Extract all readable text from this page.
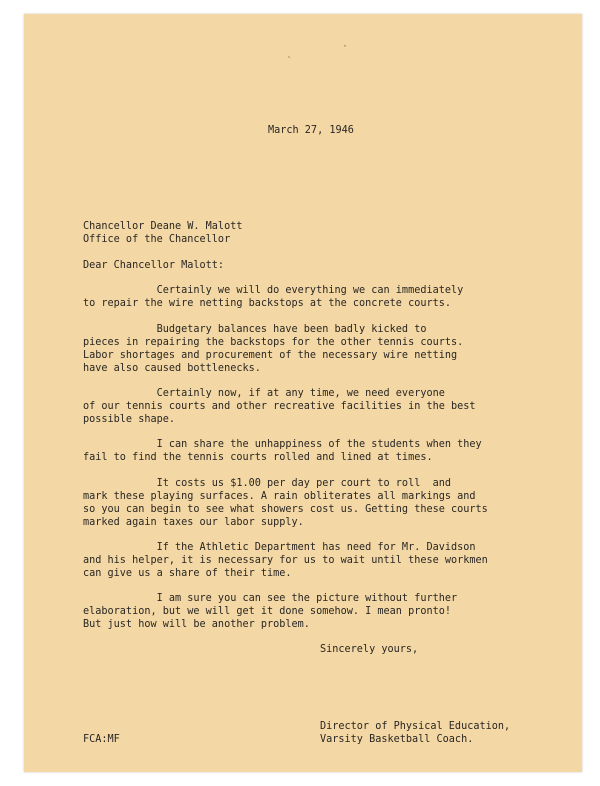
ˎ
·
March 27, 1946
Chancellor Deane W. Malott
Office of the Chancellor
Dear Chancellor Malott:
Certainly we will do everything we can immediately
to repair the wire netting backstops at the concrete courts.
Budgetary balances have been badly kicked to
pieces in repairing the backstops for the other tennis courts.
Labor shortages and procurement of the necessary wire netting
have also caused bottlenecks.
Certainly now, if at any time, we need everyone
of our tennis courts and other recreative facilities in the best
possible shape.
I can share the unhappiness of the students when they
fail to find the tennis courts rolled and lined at times.
It costs us $1.00 per day per court to roll  and
mark these playing surfaces. A rain obliterates all markings and
so you can begin to see what showers cost us. Getting these courts
marked again taxes our labor supply.
If the Athletic Department has need for Mr. Davidson
and his helper, it is necessary for us to wait until these workmen
can give us a share of their time.
I am sure you can see the picture without further
elaboration, but we will get it done somehow. I mean pronto!
But just how will be another problem.
Sincerely yours,
Director of Physical Education,
FCA:MF	Varsity Basketball Coach.
